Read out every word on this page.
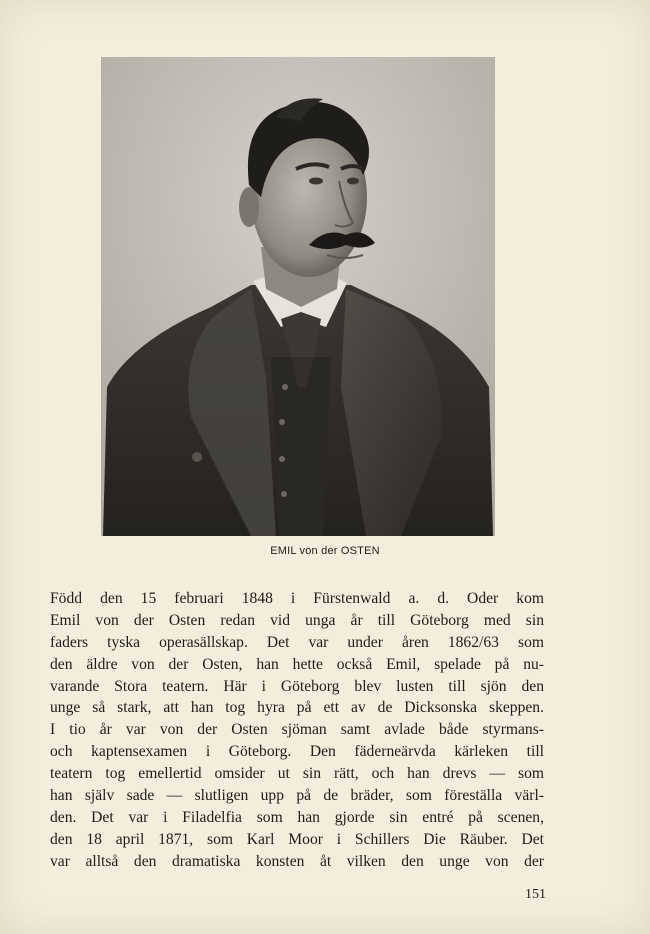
EMIL von der OSTEN
Född den 15 februari 1848 i Fürstenwald a. d. Oder kom
Emil von der Osten redan vid unga år till Göteborg med sin
faders tyska operasällskap. Det var under åren 1862/63 som
den äldre von der Osten, han hette också Emil, spelade på nu-
varande Stora teatern. Här i Göteborg blev lusten till sjön den
unge så stark, att han tog hyra på ett av de Dicksonska skeppen.
I tio år var von der Osten sjöman samt avlade både styrmans-
och kaptensexamen i Göteborg. Den fäderneärvda kärleken till
teatern tog emellertid omsider ut sin rätt, och han drevs — som
han själv sade — slutligen upp på de bräder, som föreställa värl-
den. Det var i Filadelfia som han gjorde sin entré på scenen,
den 18 april 1871, som Karl Moor i Schillers Die Räuber. Det
var alltså den dramatiska konsten åt vilken den unge von der
151
